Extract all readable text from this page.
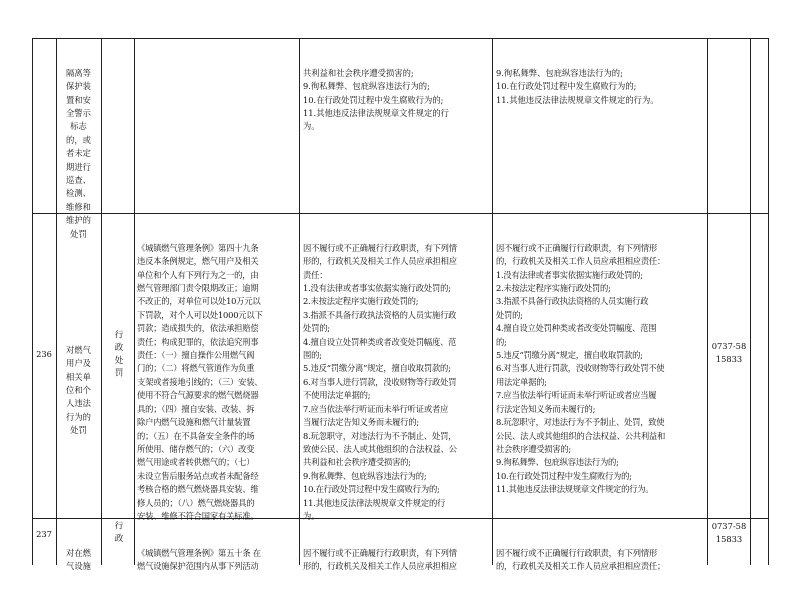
隔离等
保护装
置和安
全警示
标志
的，或
者未定
期进行
巡查、
检测、
维修和
维护的
处罚

共利益和社会秩序遭受损害的;
9.徇私舞弊、包庇纵容违法行为的;
10.在行政处罚过程中发生腐败行为的;
11.其他违反法律法规规章文件规定的行
为。

9.徇私舞弊、包庇纵容违法行为的;
10.在行政处罚过程中发生腐败行为的;
11.其他违反法律法规规章文件规定的行为。

236

	对燃气
用户及
相关单
位和个
人违法
行为的
处罚

行政处罚

《城镇燃气管理条例》第四十九条
违反本条例规定，燃气用户及相关
单位和个人有下列行为之一的，由
燃气管理部门责令限期改正；逾期
不改正的，对单位可以处10万元以
下罚款，对个人可以处1000元以下
罚款；造成损失的，依法承担赔偿
责任；构成犯罪的，依法追究刑事
责任：（一）擅自操作公用燃气阀
门的；（二）将燃气管道作为负重
支架或者接地引线的；（三）安装、
使用不符合气源要求的燃气燃烧器
具的；（四）擅自安装、改装、拆
除户内燃气设施和燃气计量装置
的；（五）在不具备安全条件的场
所使用、储存燃气的；（六）改变
燃气用途或者转供燃气的；（七）
未设立售后服务站点或者未配备经
考核合格的燃气燃烧器具安装、维
修人员的；（八）燃气燃烧器具的
安装、维修不符合国家有关标准。

因不履行或不正确履行行政职责，有下列情
形的，行政机关及相关工作人员应承担相应
责任：
1.没有法律或者事实依据实施行政处罚的;
2.未按法定程序实施行政处罚的;
3.指派不具备行政执法资格的人员实施行政
处罚的;
4.擅自设立处罚种类或者改变处罚幅度、范
围的;
5.违反“罚缴分离”规定，擅自收取罚款的;
6.对当事人进行罚款，没收财物等行政处罚
不使用法定单据的;
7.应当依法举行听证而未举行听证或者应
当履行法定告知义务而未履行的;
8.玩忽职守，对违法行为不予制止、处罚，
致使公民、法人或其他组织的合法权益、公
共利益和社会秩序遭受损害的;
9.徇私舞弊、包庇纵容违法行为的;
10.在行政处罚过程中发生腐败行为的;
11.其他违反法律法规规章文件规定的行
为。

因不履行或不正确履行行政职责，有下列情形
的，行政机关及相关工作人员应承担相应责任：
1.没有法律或者事实依据实施行政处罚的;
2.未按法定程序实施行政处罚的;
3.指派不具备行政执法资格的人员实施行政
处罚的;
4.擅自设立处罚种类或者改变处罚幅度、范围
的;
5.违反“罚缴分离”规定，擅自收取罚款的;
6.对当事人进行罚款，没收财物等行政处罚不使
用法定单据的;
7.应当依法举行听证而未举行听证或者应当履
行法定告知义务而未履行的;
8.玩忽职守，对违法行为不予制止、处罚，致使
公民、法人或其他组织的合法权益、公共利益和
社会秩序遭受损害的;
9.徇私舞弊、包庇纵容违法行为的;
10.在行政处罚过程中发生腐败行为的;
11.其他违反法律法规规章文件规定的行为。

0737-58
15833
237

对在燃
气设施

行政

《城镇燃气管理条例》第五十条 在
燃气设施保护范围内从事下列活动

因不履行或不正确履行行政职责，有下列情
形的，行政机关及相关工作人员应承担相应

因不履行或不正确履行行政职责，有下列情形
的，行政机关及相关工作人员应承担相应责任；

0737-58
15833
